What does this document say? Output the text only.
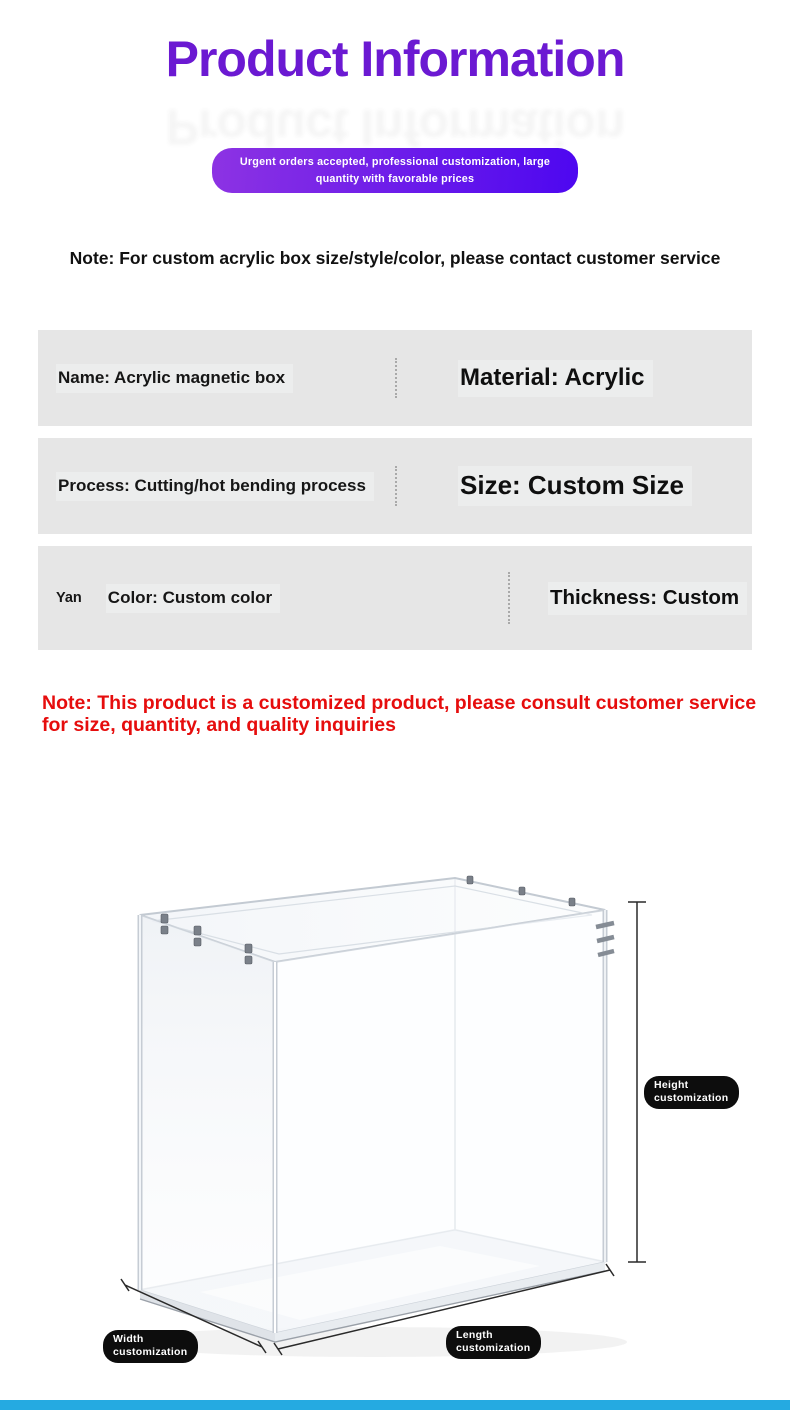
Product Information
Product Information
Urgent orders accepted, professional customization, large quantity with favorable prices
Note: For custom acrylic box size/style/color, please contact customer service
Name: Acrylic magnetic box	Material: Acrylic
Process: Cutting/hot bending process	Size: Custom Size
Yan Color: Custom color	Thickness: Custom
Note: This product is a customized product, please consult customer service for size, quantity, and quality inquiries
Height
customization
Width
customization
Length
customization
